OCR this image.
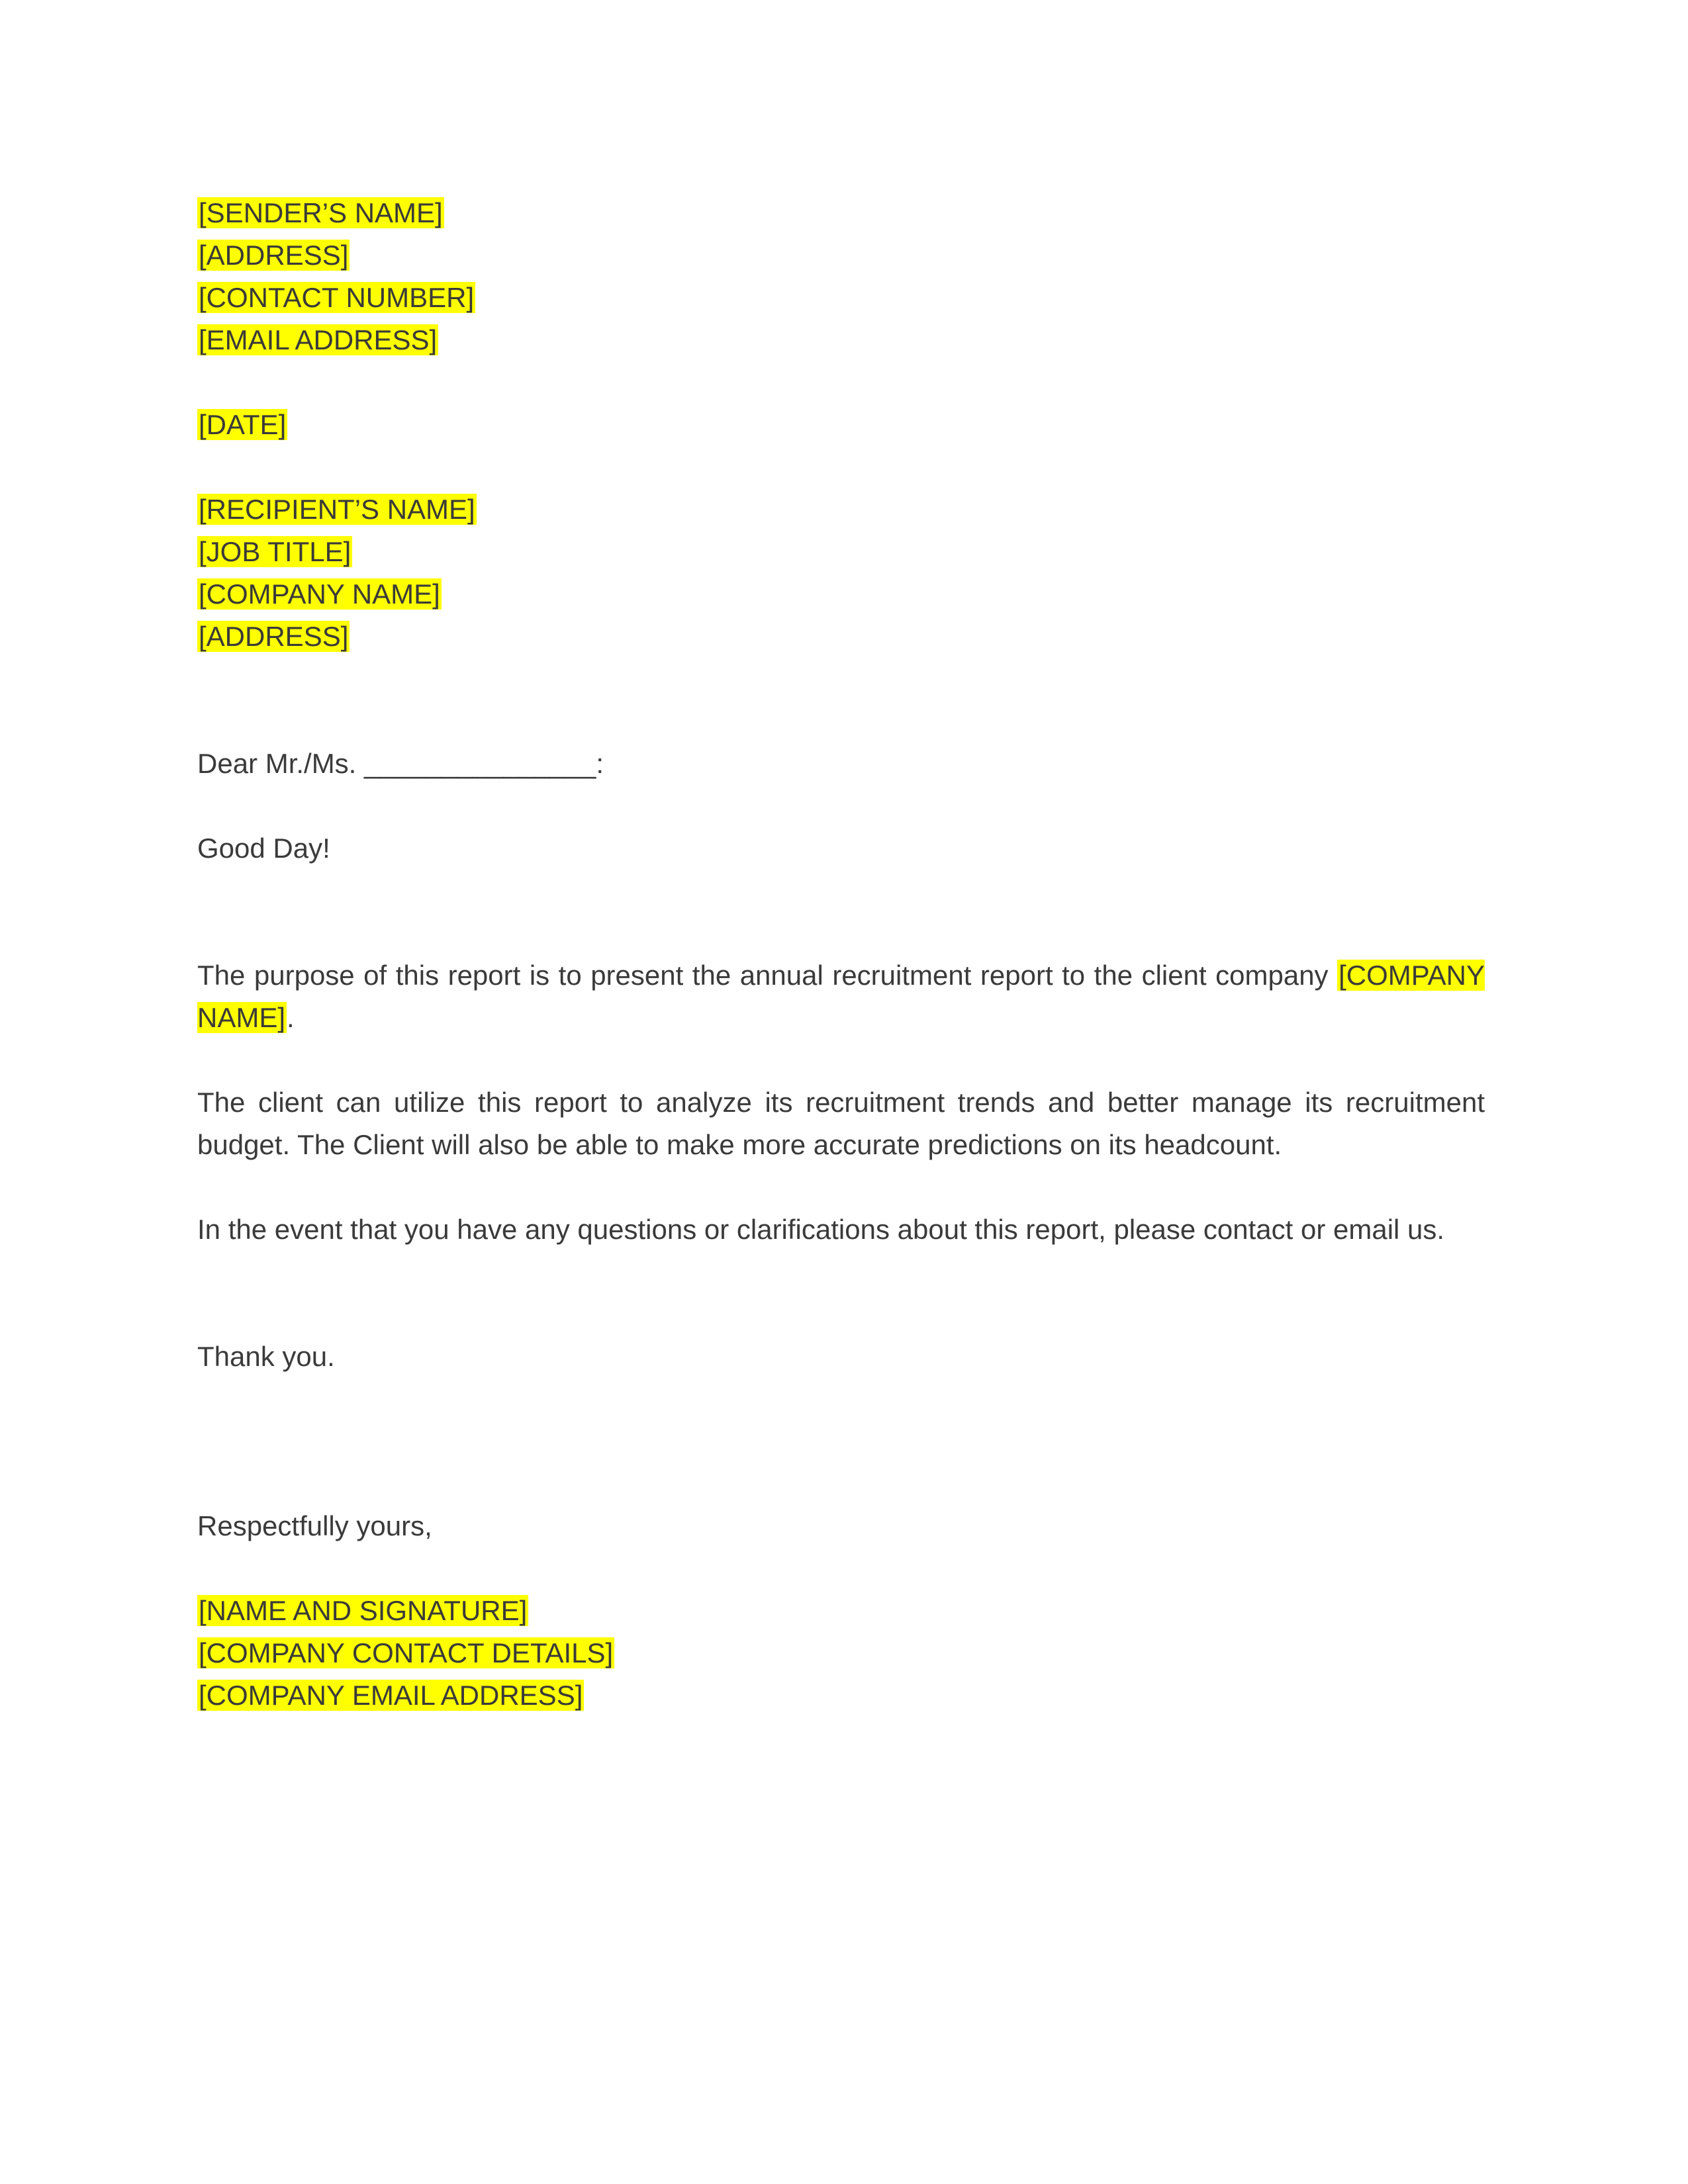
[SENDER’S NAME]
[ADDRESS]
[CONTACT NUMBER]
[EMAIL ADDRESS]
[DATE]
[RECIPIENT’S NAME]
[JOB TITLE]
[COMPANY NAME]
[ADDRESS]
Dear Mr./Ms. _______________:
Good Day!

The purpose of this report is to present the annual recruitment report to the client company [COMPANY NAME].

The client can utilize this report to analyze its recruitment trends and better manage its recruitment budget. The Client will also be able to make more accurate predictions on its headcount.

In the event that you have any questions or clarifications about this report, please contact or email us.

Thank you.
Respectfully yours,
[NAME AND SIGNATURE]
[COMPANY CONTACT DETAILS]
[COMPANY EMAIL ADDRESS]
